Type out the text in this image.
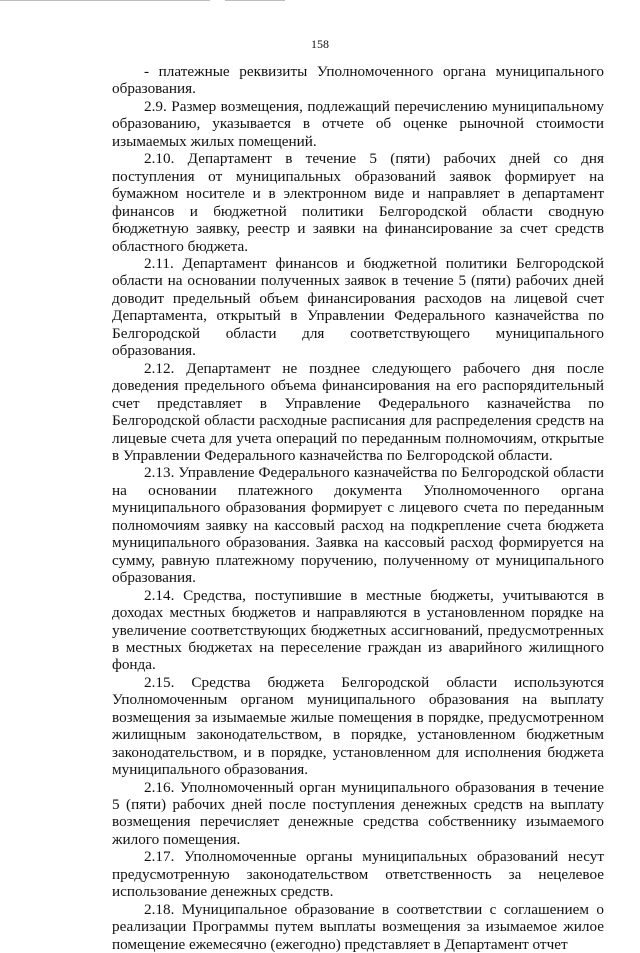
158

- платежные реквизиты Уполномоченного органа муниципального образования.

2.9. Размер возмещения, подлежащий перечислению муниципальному образованию, указывается в отчете об оценке рыночной стоимости изымаемых жилых помещений.

2.10. Департамент в течение 5 (пяти) рабочих дней со дня поступления от муниципальных образований заявок формирует на бумажном носителе и в электронном виде и направляет в департамент финансов и бюджетной политики Белгородской области сводную бюджетную заявку, реестр и заявки на финансирование за счет средств областного бюджета.

2.11. Департамент финансов и бюджетной политики Белгородской области на основании полученных заявок в течение 5 (пяти) рабочих дней доводит предельный объем финансирования расходов на лицевой счет Департамента, открытый в Управлении Федерального казначейства по Белгородской области для соответствующего муниципального образования.

2.12. Департамент не позднее следующего рабочего дня после доведения предельного объема финансирования на его распорядительный счет представляет в Управление Федерального казначейства по Белгородской области расходные расписания для распределения средств на лицевые счета для учета операций по переданным полномочиям, открытые в Управлении Федерального казначейства по Белгородской области.

2.13. Управление Федерального казначейства по Белгородской области на основании платежного документа Уполномоченного органа муниципального образования формирует с лицевого счета по переданным полномочиям заявку на кассовый расход на подкрепление счета бюджета муниципального образования. Заявка на кассовый расход формируется на сумму, равную платежному поручению, полученному от муниципального образования.

2.14. Средства, поступившие в местные бюджеты, учитываются в доходах местных бюджетов и направляются в установленном порядке на увеличение соответствующих бюджетных ассигнований, предусмотренных в местных бюджетах на переселение граждан из аварийного жилищного фонда.

2.15. Средства бюджета Белгородской области используются Уполномоченным органом муниципального образования на выплату возмещения за изымаемые жилые помещения в порядке, предусмотренном жилищным законодательством, в порядке, установленном бюджетным законодательством, и в порядке, установленном для исполнения бюджета муниципального образования.

2.16. Уполномоченный орган муниципального образования в течение 5 (пяти) рабочих дней после поступления денежных средств на выплату возмещения перечисляет денежные средства собственнику изымаемого жилого помещения.

2.17. Уполномоченные органы муниципальных образований несут предусмотренную законодательством ответственность за нецелевое использование денежных средств.

2.18. Муниципальное образование в соответствии с соглашением о реализации Программы путем выплаты возмещения за изымаемое жилое помещение ежемесячно (ежегодно) представляет в Департамент отчет
